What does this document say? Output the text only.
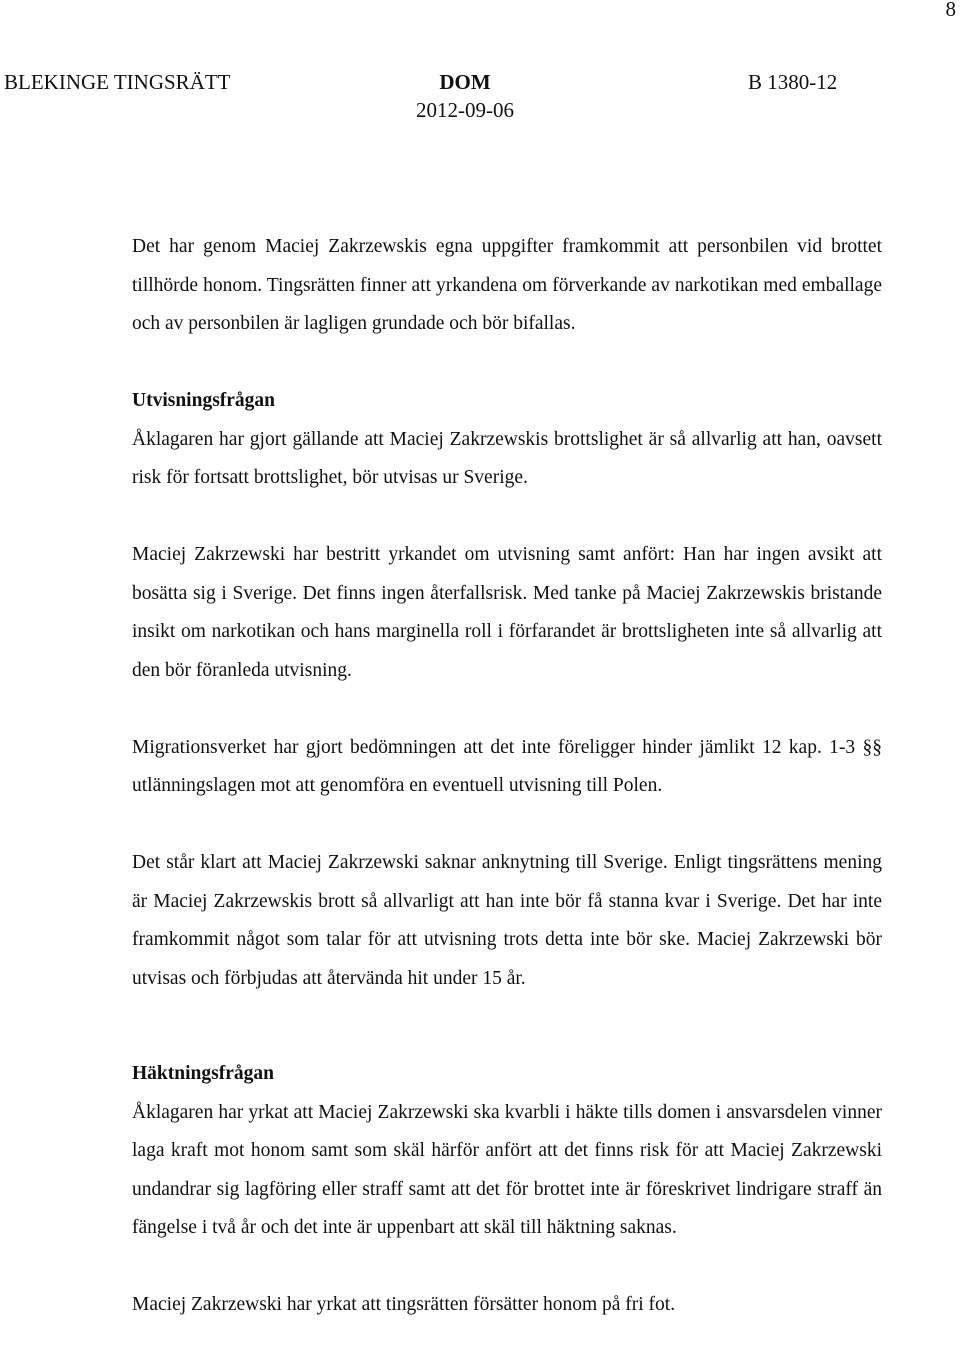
8
BLEKINGE TINGSRÄTT	DOM
2012-09-06
B 1380-12

Det har genom Maciej Zakrzewskis egna uppgifter framkommit att personbilen vid brottet tillhörde honom. Tingsrätten finner att yrkandena om förverkande av narkotikan med emballage och av personbilen är lagligen grundade och bör bifallas.

Utvisningsfrågan

Åklagaren har gjort gällande att Maciej Zakrzewskis brottslighet är så allvarlig att han, oavsett risk för fortsatt brottslighet, bör utvisas ur Sverige.

Maciej Zakrzewski har bestritt yrkandet om utvisning samt anfört: Han har ingen avsikt att bosätta sig i Sverige. Det finns ingen återfallsrisk. Med tanke på Maciej Zakrzewskis bristande insikt om narkotikan och hans marginella roll i förfarandet är brottsligheten inte så allvarlig att den bör föranleda utvisning.

Migrationsverket har gjort bedömningen att det inte föreligger hinder jämlikt 12 kap. 1-3 §§ utlänningslagen mot att genomföra en eventuell utvisning till Polen.

Det står klart att Maciej Zakrzewski saknar anknytning till Sverige. Enligt tingsrättens mening är Maciej Zakrzewskis brott så allvarligt att han inte bör få stanna kvar i Sverige. Det har inte framkommit något som talar för att utvisning trots detta inte bör ske. Maciej Zakrzewski bör utvisas och förbjudas att återvända hit under 15 år.

Häktningsfrågan

Åklagaren har yrkat att Maciej Zakrzewski ska kvarbli i häkte tills domen i ansvarsdelen vinner laga kraft mot honom samt som skäl härför anfört att det finns risk för att Maciej Zakrzewski undandrar sig lagföring eller straff samt att det för brottet inte är föreskrivet lindrigare straff än fängelse i två år och det inte är uppenbart att skäl till häktning saknas.

Maciej Zakrzewski har yrkat att tingsrätten försätter honom på fri fot.
